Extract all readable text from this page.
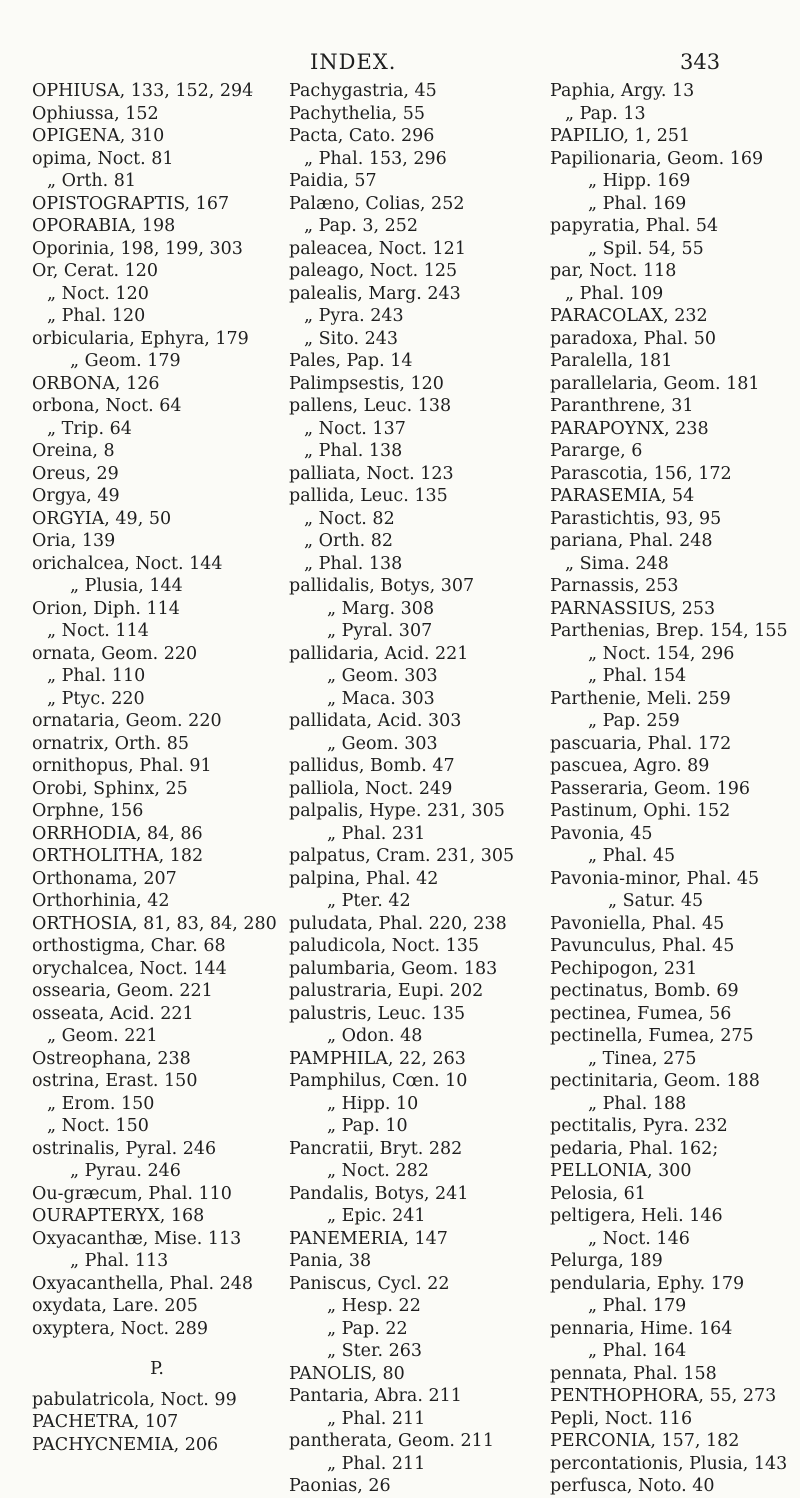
INDEX.	343
OPHIUSA, 133, 152, 294
Ophiussa, 152
OPIGENA, 310
opima, Noct. 81
„ Orth. 81
OPISTOGRAPTIS, 167
OPORABIA, 198
Oporinia, 198, 199, 303
Or, Cerat. 120
„ Noct. 120
„ Phal. 120
orbicularia, Ephyra, 179
„ Geom. 179
ORBONA, 126
orbona, Noct. 64
„ Trip. 64
Oreina, 8
Oreus, 29
Orgya, 49
ORGYIA, 49, 50
Oria, 139
orichalcea, Noct. 144
„ Plusia, 144
Orion, Diph. 114
„ Noct. 114
ornata, Geom. 220
„ Phal. 110
„ Ptyc. 220
ornataria, Geom. 220
ornatrix, Orth. 85
ornithopus, Phal. 91
Orobi, Sphinx, 25
Orphne, 156
ORRHODIA, 84, 86
ORTHOLITHA, 182
Orthonama, 207
Orthorhinia, 42
ORTHOSIA, 81, 83, 84, 280
orthostigma, Char. 68
orychalcea, Noct. 144
ossearia, Geom. 221
osseata, Acid. 221
„ Geom. 221
Ostreophana, 238
ostrina, Erast. 150
„ Erom. 150
„ Noct. 150
ostrinalis, Pyral. 246
„ Pyrau. 246
Ou-græcum, Phal. 110
OURAPTERYX, 168
Oxyacanthæ, Mise. 113
„ Phal. 113
Oxyacanthella, Phal. 248
oxydata, Lare. 205
oxyptera, Noct. 289
P.
pabulatricola, Noct. 99
PACHETRA, 107
PACHYCNEMIA, 206
Pachygastria, 45
Pachythelia, 55
Pacta, Cato. 296
„ Phal. 153, 296
Paidia, 57
Palæno, Colias, 252
„ Pap. 3, 252
paleacea, Noct. 121
paleago, Noct. 125
palealis, Marg. 243
„ Pyra. 243
„ Sito. 243
Pales, Pap. 14
Palimpsestis, 120
pallens, Leuc. 138
„ Noct. 137
„ Phal. 138
palliata, Noct. 123
pallida, Leuc. 135
„ Noct. 82
„ Orth. 82
„ Phal. 138
pallidalis, Botys, 307
„ Marg. 308
„ Pyral. 307
pallidaria, Acid. 221
„ Geom. 303
„ Maca. 303
pallidata, Acid. 303
„ Geom. 303
pallidus, Bomb. 47
palliola, Noct. 249
palpalis, Hype. 231, 305
„ Phal. 231
palpatus, Cram. 231, 305
palpina, Phal. 42
„ Pter. 42
puludata, Phal. 220, 238
paludicola, Noct. 135
palumbaria, Geom. 183
palustraria, Eupi. 202
palustris, Leuc. 135
„ Odon. 48
PAMPHILA, 22, 263
Pamphilus, Cœn. 10
„ Hipp. 10
„ Pap. 10
Pancratii, Bryt. 282
„ Noct. 282
Pandalis, Botys, 241
„ Epic. 241
PANEMERIA, 147
Pania, 38
Paniscus, Cycl. 22
„ Hesp. 22
„ Pap. 22
„ Ster. 263
PANOLIS, 80
Pantaria, Abra. 211
„ Phal. 211
pantherata, Geom. 211
„ Phal. 211
Paonias, 26
Paphia, Argy. 13
„ Pap. 13
PAPILIO, 1, 251
Papilionaria, Geom. 169
„ Hipp. 169
„ Phal. 169
papyratia, Phal. 54
„ Spil. 54, 55
par, Noct. 118
„ Phal. 109
PARACOLAX, 232
paradoxa, Phal. 50
Paralella, 181
parallelaria, Geom. 181
Paranthrene, 31
PARAPOYNX, 238
Pararge, 6
Parascotia, 156, 172
PARASEMIA, 54
Parastichtis, 93, 95
pariana, Phal. 248
„ Sima. 248
Parnassis, 253
PARNASSIUS, 253
Parthenias, Brep. 154, 155
„ Noct. 154, 296
„ Phal. 154
Parthenie, Meli. 259
„ Pap. 259
pascuaria, Phal. 172
pascuea, Agro. 89
Passeraria, Geom. 196
Pastinum, Ophi. 152
Pavonia, 45
„ Phal. 45
Pavonia-minor, Phal. 45
„ Satur. 45
Pavoniella, Phal. 45
Pavunculus, Phal. 45
Pechipogon, 231
pectinatus, Bomb. 69
pectinea, Fumea, 56
pectinella, Fumea, 275
„ Tinea, 275
pectinitaria, Geom. 188
„ Phal. 188
pectitalis, Pyra. 232
pedaria, Phal. 162;
PELLONIA, 300
Pelosia, 61
peltigera, Heli. 146
„ Noct. 146
Pelurga, 189
pendularia, Ephy. 179
„ Phal. 179
pennaria, Hime. 164
„ Phal. 164
pennata, Phal. 158
PENTHOPHORA, 55, 273
Pepli, Noct. 116
PERCONIA, 157, 182
percontationis, Plusia, 143
perfusca, Noto. 40
